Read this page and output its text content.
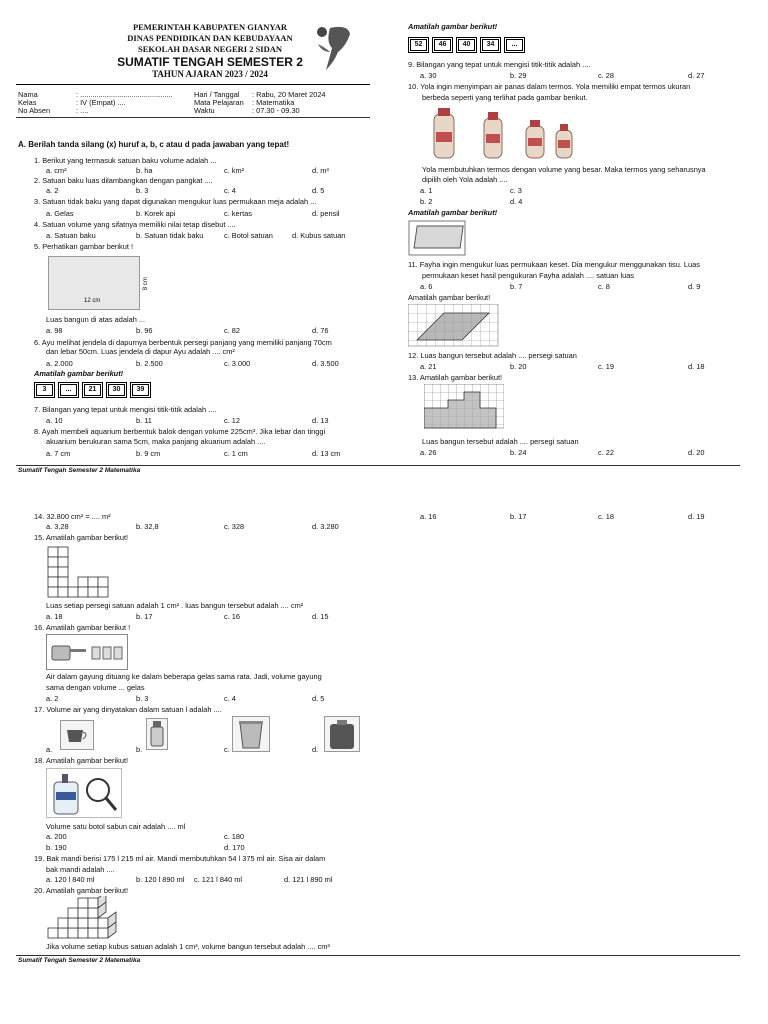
PEMERINTAH KABUPATEN GIANYAR
DINAS PENDIDIKAN DAN KEBUDAYAAN
SEKOLAH DASAR NEGERI 2 SIDAN
SUMATIF TENGAH SEMESTER 2
TAHUN AJARAN 2023 / 2024
Nama	: .............................................
Kelas	: IV (Empat) ....
No Absen	: ....
Hari / Tanggal : Rabu, 20 Maret 2024
Mata Pelajaran : Matematika
Waktu	: 07.30 - 09.30
A. Berilah tanda silang (x) huruf a, b, c atau d pada jawaban yang tepat!
1. Berikut yang termasuk satuan baku volume adalah ...
a. cm²	b. ha	c. km²	d. m³
2. Satuan baku luas dilambangkan dengan pangkat ....
a. 2	b. 3	c. 4	d. 5
3. Satuan tidak baku yang dapat digunakan mengukur luas permukaan meja adalah ...
a. Gelas	b. Korek api	c. kertas	d. pensil
4. Satuan volume yang sifatnya memiliki nilai tetap disebut ....
a. Satuan baku	b. Satuan tidak baku	c. Botol satuan	d. Kubus satuan
5. Perhatikan gambar berikut !
12 cm
8 cm
Luas bangun di atas adalah ...
a. 98	b. 96	c. 82	d. 76
6. Ayu melihat jendela di dapurnya berbentuk persegi panjang yang memiliki panjang 70cm
dan lebar 50cm. Luas jendela di dapur Ayu adalah .... cm²
a. 2.000	b. 2.500	c. 3.000	d. 3.500
Amatilah gambar berikut!
3	... 21 30 39
7. Bilangan yang tepat untuk mengisi titik-titik adalah ....
a. 10	b. 11	c. 12	d. 13
8. Ayah membeli aquarium berbentuk balok dengan volume 225cm³. Jika lebar dan tinggi
akuarium berukuran sama 5cm, maka panjang akuarium adalah ....
a. 7 cm	b. 9 cm	c. 1 cm	d. 13 cm
Sumatif Tengah Semester 2 Matematika
Amatilah gambar berikut!
52 46 40 34 ...
9. Bilangan yang tepat untuk mengisi titik-titik adalah ....
a. 30	b. 29	c. 28	d. 27
10. Yola ingin menyimpan air panas dalam termos. Yola memiliki empat termos ukuran
berbeda seperti yang terlihat pada gambar berikut.
Yola membutuhkan termos dengan volume yang besar. Maka termos yang seharusnya
dipilih oleh Yola adalah ....
a. 1	c. 3
b. 2	d. 4
Amatilah gambar berikut!
11. Fayha ingin mengukur luas permukaan keset. Dia mengukur menggunakan tisu. Luas
permukaan keset hasil pengukuran Fayha adalah .... satuan luas
a. 6	b. 7	c. 8	d. 9
Amatilah gambar berikut!
12. Luas bangun tersebut adalah .... persegi satuan
a. 21	b. 20	c. 19	d. 18
13. Amatilah gambar berikut!
Luas bangun tersebut adalah .... persegi satuan
a. 26	b. 24	c. 22	d. 20
14. 32.800 cm² = .... m²
a. 3,28	b. 32,8	c. 328	d. 3.280
15. Amatilah gambar berikut!
Luas setiap persegi satuan adalah 1 cm² . luas bangun tersebut adalah .... cm²
a. 18	b. 17	c. 16	d. 15
16. Amatilah gambar berikut !
Air dalam gayung dituang ke dalam beberapa gelas sama rata. Jadi, volume gayung
sama dengan volume ... gelas
a. 2	b. 3	c. 4	d. 5
17. Volume air yang dinyatakan dalam satuan l adalah ....
a.	b.	c.	d.
18. Amatilah gambar berikut!
Volume satu botol sabun cair adalah .... ml
a. 200	c. 180
b. 190	d. 170
19. Bak mandi berisi 175 l 215 ml air. Mandi membutuhkan 54 l 375 ml air. Sisa air dalam
bak mandi adalah ....
a. 120 l 840 ml	b. 120 l 890 ml c. 121 l 840 ml	d. 121 l 890 ml
20. Amatilah gambar berikut!
Jika volume setiap kubus satuan adalah 1 cm³, volume bangun tersebut adalah .... cm³
Sumatif Tengah Semester 2 Matematika
a. 16	b. 17	c. 18	d. 19
